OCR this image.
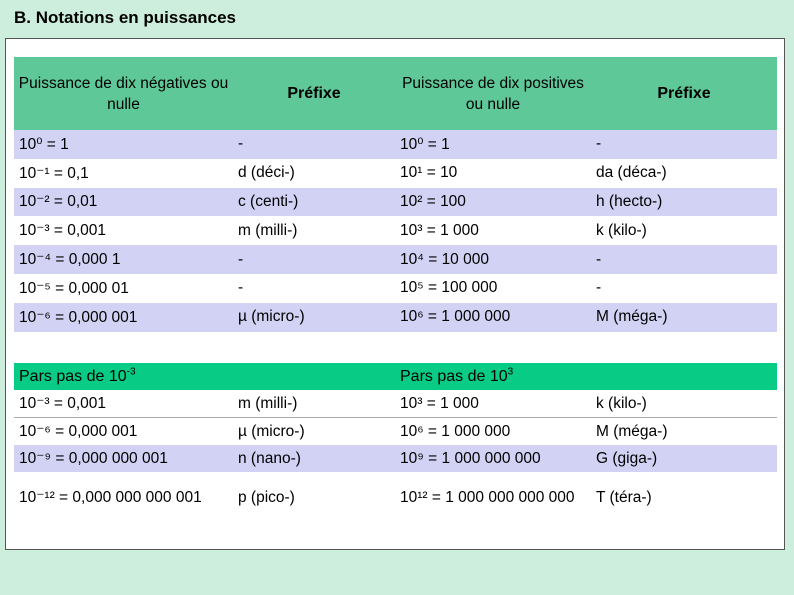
B. Notations en puissances
Puissance de dix négatives ou nulle	Préfixe	Puissance de dix positives ou nulle	Préfixe
10⁰ = 1	-	10⁰ = 1	-
10⁻¹ = 0,1	d (déci-)	10¹ = 10	da (déca-)
10⁻² = 0,01	c (centi-)	10² = 100	h (hecto-)
10⁻³ = 0,001	m (milli-)	10³ = 1 000	k (kilo-)
10⁻⁴ = 0,000 1	-	10⁴ = 10 000	-
10⁻⁵ = 0,000 01	-	10⁵ = 100 000	-
10⁻⁶ = 0,000 001	µ (micro-)	10⁶ = 1 000 000	M (méga-)
Pars pas de $10^{-3}$		Pars pas de $10^3$
10⁻³ = 0,001	m (milli-)	10³ = 1 000	k (kilo-)
10⁻⁶ = 0,000 001	µ (micro-)	10⁶ = 1 000 000	M (méga-)
10⁻⁹ = 0,000 000 001	n (nano-)	10⁹ = 1 000 000 000	G (giga-)
10⁻¹² = 0,000 000 000 001	p (pico-)	10¹² = 1 000 000 000 000	T (téra-)
